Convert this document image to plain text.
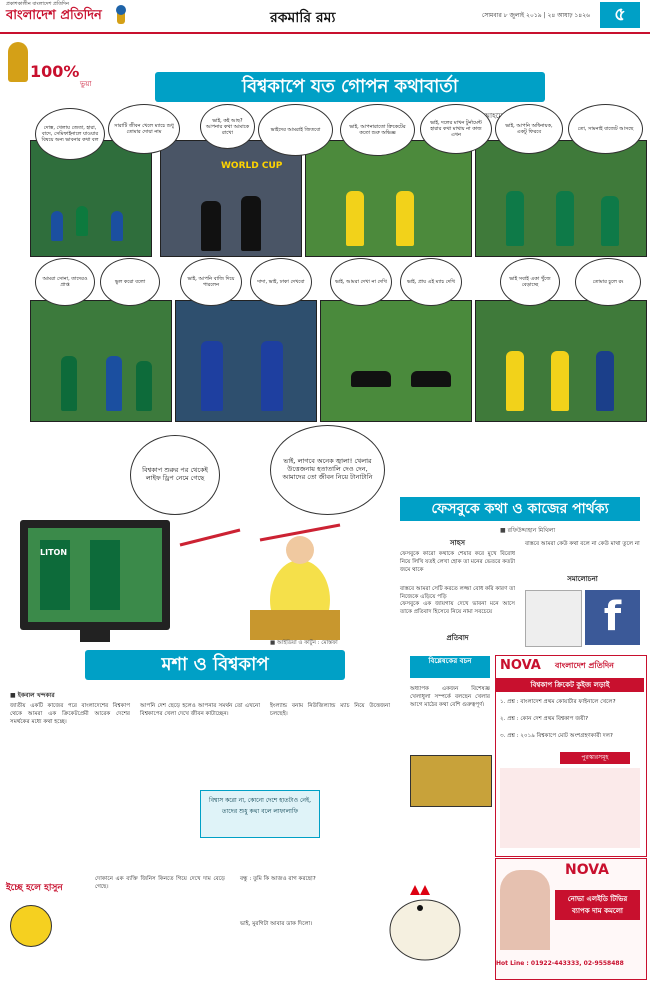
প্রকাশকালীন বাংলাদেশ প্রতিদিন
বাংলাদেশ প্রতিদিন	রকমারি রম্য	সোমবার ৮ জুলাই ২০১৯ | ২৪ আষাঢ় ১৪২৬	৫
100%
ভুয়া	বিশ্বকাপে যত গোপন কথাবার্তা
আহমেদ
WORLD CUP
দোস্ত, খেলায় জেতা, হারা, বাদে, সেমিফাইনালে যাওয়ার বিষয়ে অন্য ভাবনার কথা বল
সারাটি জীবন খেলে ম্যাচে শুধু তোমার দোয়া নাম
ভাই, কই আছ? আপনার কথা আমাকে রাখো	ভাইদের আমরাই জিতবো	ভাই, আপনারাতো ক্রিকেটের কতো শুরু অভিজ্ঞ
ভাই, দলের মাখন টুর্নামেন্ট হারার কথা মাথায় না কাজ এখন
ভাই, আপনি অধিনায়ক, একটু ফিরবে	তো, সামনাই বাজেট আসছে
আমরা সোনা, তাদেরও প্রাপ্ত	ভুল করো বলো	ভাই, আপনি বাজি দিয়ে পারলেন	দাদা, ভাই, ঢাকা দেখবো	ভাই, আমরা দেখা না দেখি	ভাই, প্রায় এই ম্যাচ দেখি	ভাই সবাই একা খুঁজে বেড়াচ্ছে	তোমার চুলে রং
বিশ্বকাপ শুরুর পর থেকেই লাইফ ড্রিপ নেমে গেছে
ভাই, লাগবে অনেক জ্বালা! খেলার উত্তেজনায় হতাতালি দেও দেন, আমাদের তো জীবন নিয়ে টানাটানি
LITON
■ আইডিয়া ও কার্টুন : মোস্তফা
ফেসবুকে কথা ও কাজের পার্থক্য
■ রফিউদ্দাহান মিথিলা
সাহস
ফেসবুকে কারো কথাকে শেয়ার করে মুখে বিরোধ নিয়ে লিখি যতই লেখা হোক তা মনের ভেতরে কতটা জমে থাকে
বাস্তবে আমরা সেটি করতে লজ্জা বোধ করি কারণ তা নিজেকে এড়িয়ে পড়ি
প্রতিবাদ
ফেসবুকে এক জায়গায় দেখে ভাবনা মনে আসে তাকে প্রতিবাদ হিসেবে নিয়ে নামা সবচেয়ে
সমালোচনা
বাস্তবে আমরা কেউ কথা বলে না কেউ মাথা তুলে না
f
মশা ও বিশ্বকাপ
■ ইকবাল খন্দকার
জাতীয় একটি কাজের পরে বাংলাদেশের বিশ্বকাপ থেকে আমরা এক ক্রিকেটপ্রেমী আরেক দেশের সমর্থকের মধ্যে কথা হচ্ছে।
আপনি দেশ ছেড়ে হলেও আপনার সমর্থন তো এখনো বিশ্বকাপের খেলা দেখে জীবন কাটাচ্ছেন।
ইংল্যান্ড বনাম নিউজিল্যান্ড ম্যাচ নিয়ে উত্তেজনা চলছেই।
বিশ্বাস করো না, কোনো দেশে হাতটাও নেই, তাদের শুধু কথা বলে লাফালাফি
বিশ্লেষকের বচন
অধ্যাপক একজন বিশেষজ্ঞ খেলাধুলা সম্পর্কে বলছেন খেলার আগে মাঠের কথা বেশি গুরুত্বপূর্ণ।
NOVA বাংলাদেশ প্রতিদিন
বিশ্বকাপ ক্রিকেট কুইজ লড়াই
১. প্রশ্ন : বাংলাদেশ প্রথম কোয়ার্টার ফাইনালে খেলে?
২. প্রশ্ন : কোন দেশ প্রথম বিশ্বকাপ জয়ী?
৩. প্রশ্ন : ২০১৯ বিশ্বকাপে মোট অংশগ্রহণকারী দল?
পুরস্কারসমূহ
NOVA
নোভা এলইডি টিভির ব্যাপক দাম কমলো
Hot Line : 01922-443333, 02-9558488
ইচ্ছে হলে হাসুন
দোকানে এক ব্যক্তি জিনিস কিনতে গিয়ে দেখে দাম বেড়ে গেছে।
বন্ধু : তুমি কি আজও রাগ করছো?
ভাই, মুরগিটা আবার ডাক দিলো।
